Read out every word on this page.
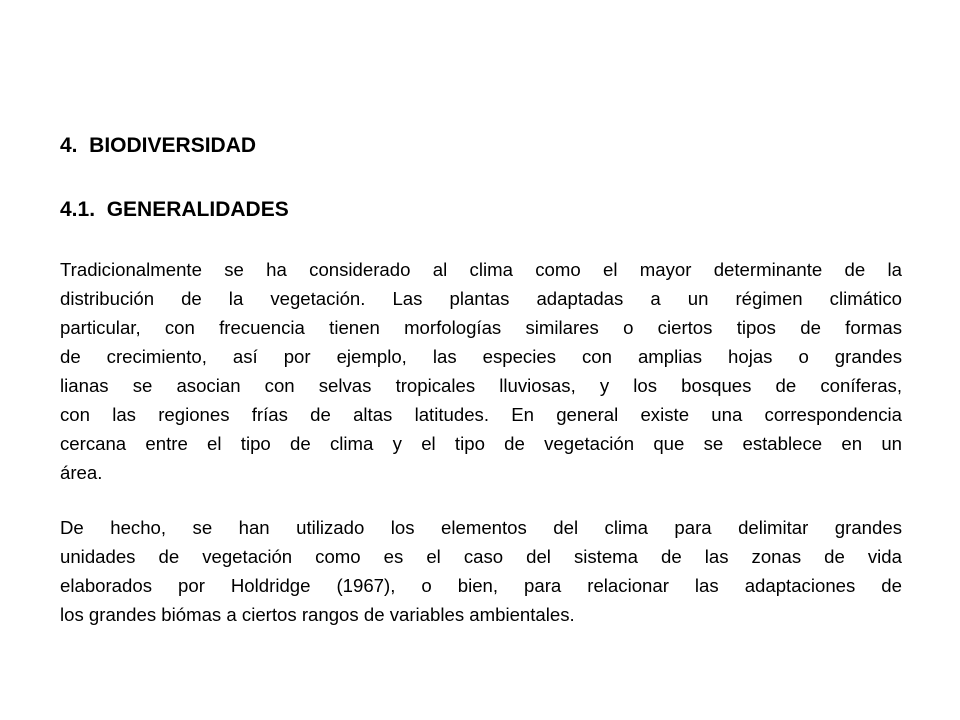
4.  BIODIVERSIDAD
4.1.  GENERALIDADES

Tradicionalmente se ha considerado al clima como el mayor determinante de la
distribución de la vegetación. Las plantas adaptadas a un régimen climático
particular, con frecuencia tienen morfologías similares o ciertos tipos de formas
de crecimiento, así por ejemplo, las especies con amplias hojas o grandes
lianas se asocian con selvas tropicales lluviosas, y los bosques de coníferas,
con las regiones frías de altas latitudes. En general existe una correspondencia
cercana entre el tipo de clima y el tipo de vegetación que se establece en un
área.

De hecho, se han utilizado los elementos del clima para delimitar grandes
unidades de vegetación como es el caso del sistema de las zonas de vida
elaborados por Holdridge (1967), o bien, para relacionar las adaptaciones de
los grandes biómas a ciertos rangos de variables ambientales.
